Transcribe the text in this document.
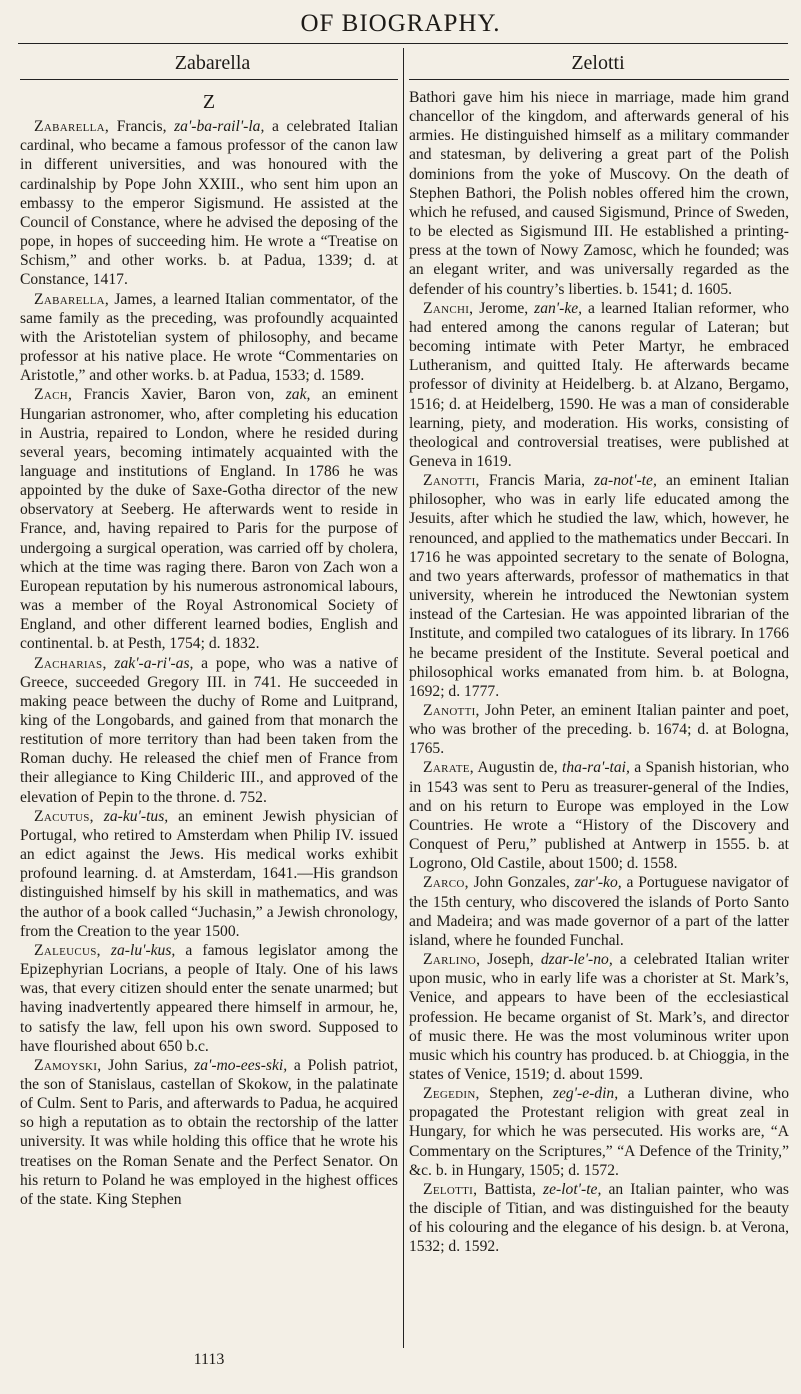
OF BIOGRAPHY.
Zabarella	Zelotti
Z

Zabarella, Francis, za'-ba-rail'-la, a celebrated Italian cardinal, who became a famous professor of the canon law in different universities, and was honoured with the cardinalship by Pope John XXIII., who sent him upon an embassy to the emperor Sigismund. He assisted at the Council of Constance, where he advised the deposing of the pope, in hopes of succeeding him. He wrote a “Treatise on Schism,” and other works. b. at Padua, 1339; d. at Constance, 1417.

Zabarella, James, a learned Italian commentator, of the same family as the preceding, was profoundly acquainted with the Aristotelian system of philosophy, and became professor at his native place. He wrote “Commentaries on Aristotle,” and other works. b. at Padua, 1533; d. 1589.

Zach, Francis Xavier, Baron von, zak, an eminent Hungarian astronomer, who, after completing his education in Austria, repaired to London, where he resided during several years, becoming intimately acquainted with the language and institutions of England. In 1786 he was appointed by the duke of Saxe-Gotha director of the new observatory at Seeberg. He afterwards went to reside in France, and, having repaired to Paris for the purpose of undergoing a surgical operation, was carried off by cholera, which at the time was raging there. Baron von Zach won a European reputation by his numerous astronomical labours, was a member of the Royal Astronomical Society of England, and other different learned bodies, English and continental. b. at Pesth, 1754; d. 1832.

Zacharias, zak'-a-ri'-as, a pope, who was a native of Greece, succeeded Gregory III. in 741. He succeeded in making peace between the duchy of Rome and Luitprand, king of the Longobards, and gained from that monarch the restitution of more territory than had been taken from the Roman duchy. He released the chief men of France from their allegiance to King Childeric III., and approved of the elevation of Pepin to the throne. d. 752.

Zacutus, za-ku'-tus, an eminent Jewish physician of Portugal, who retired to Amsterdam when Philip IV. issued an edict against the Jews. His medical works exhibit profound learning. d. at Amsterdam, 1641.—His grandson distinguished himself by his skill in mathematics, and was the author of a book called “Juchasin,” a Jewish chronology, from the Creation to the year 1500.

Zaleucus, za-lu'-kus, a famous legislator among the Epizephyrian Locrians, a people of Italy. One of his laws was, that every citizen should enter the senate unarmed; but having inadvertently appeared there himself in armour, he, to satisfy the law, fell upon his own sword. Supposed to have flourished about 650 b.c.

Zamoyski, John Sarius, za'-mo-ees-ski, a Polish patriot, the son of Stanislaus, castellan of Skokow, in the palatinate of Culm. Sent to Paris, and afterwards to Padua, he acquired so high a reputation as to obtain the rectorship of the latter university. It was while holding this office that he wrote his treatises on the Roman Senate and the Perfect Senator. On his return to Poland he was employed in the highest offices of the state. King Stephen

Bathori gave him his niece in marriage, made him grand chancellor of the kingdom, and afterwards general of his armies. He distinguished himself as a military commander and statesman, by delivering a great part of the Polish dominions from the yoke of Muscovy. On the death of Stephen Bathori, the Polish nobles offered him the crown, which he refused, and caused Sigismund, Prince of Sweden, to be elected as Sigismund III. He established a printing-press at the town of Nowy Zamosc, which he founded; was an elegant writer, and was universally regarded as the defender of his country’s liberties. b. 1541; d. 1605.

Zanchi, Jerome, zan'-ke, a learned Italian reformer, who had entered among the canons regular of Lateran; but becoming intimate with Peter Martyr, he embraced Lutheranism, and quitted Italy. He afterwards became professor of divinity at Heidelberg. b. at Alzano, Bergamo, 1516; d. at Heidelberg, 1590. He was a man of considerable learning, piety, and moderation. His works, consisting of theological and controversial treatises, were published at Geneva in 1619.

Zanotti, Francis Maria, za-not'-te, an eminent Italian philosopher, who was in early life educated among the Jesuits, after which he studied the law, which, however, he renounced, and applied to the mathematics under Beccari. In 1716 he was appointed secretary to the senate of Bologna, and two years afterwards, professor of mathematics in that university, wherein he introduced the Newtonian system instead of the Cartesian. He was appointed librarian of the Institute, and compiled two catalogues of its library. In 1766 he became president of the Institute. Several poetical and philosophical works emanated from him. b. at Bologna, 1692; d. 1777.

Zanotti, John Peter, an eminent Italian painter and poet, who was brother of the preceding. b. 1674; d. at Bologna, 1765.

Zarate, Augustin de, tha-ra'-tai, a Spanish historian, who in 1543 was sent to Peru as treasurer-general of the Indies, and on his return to Europe was employed in the Low Countries. He wrote a “History of the Discovery and Conquest of Peru,” published at Antwerp in 1555. b. at Logrono, Old Castile, about 1500; d. 1558.

Zarco, John Gonzales, zar'-ko, a Portuguese navigator of the 15th century, who discovered the islands of Porto Santo and Madeira; and was made governor of a part of the latter island, where he founded Funchal.

Zarlino, Joseph, dzar-le'-no, a celebrated Italian writer upon music, who in early life was a chorister at St. Mark’s, Venice, and appears to have been of the ecclesiastical profession. He became organist of St. Mark’s, and director of music there. He was the most voluminous writer upon music which his country has produced. b. at Chioggia, in the states of Venice, 1519; d. about 1599.

Zegedin, Stephen, zeg'-e-din, a Lutheran divine, who propagated the Protestant religion with great zeal in Hungary, for which he was persecuted. His works are, “A Commentary on the Scriptures,” “A Defence of the Trinity,” &c. b. in Hungary, 1505; d. 1572.

Zelotti, Battista, ze-lot'-te, an Italian painter, who was the disciple of Titian, and was distinguished for the beauty of his colouring and the elegance of his design. b. at Verona, 1532; d. 1592.

1113
